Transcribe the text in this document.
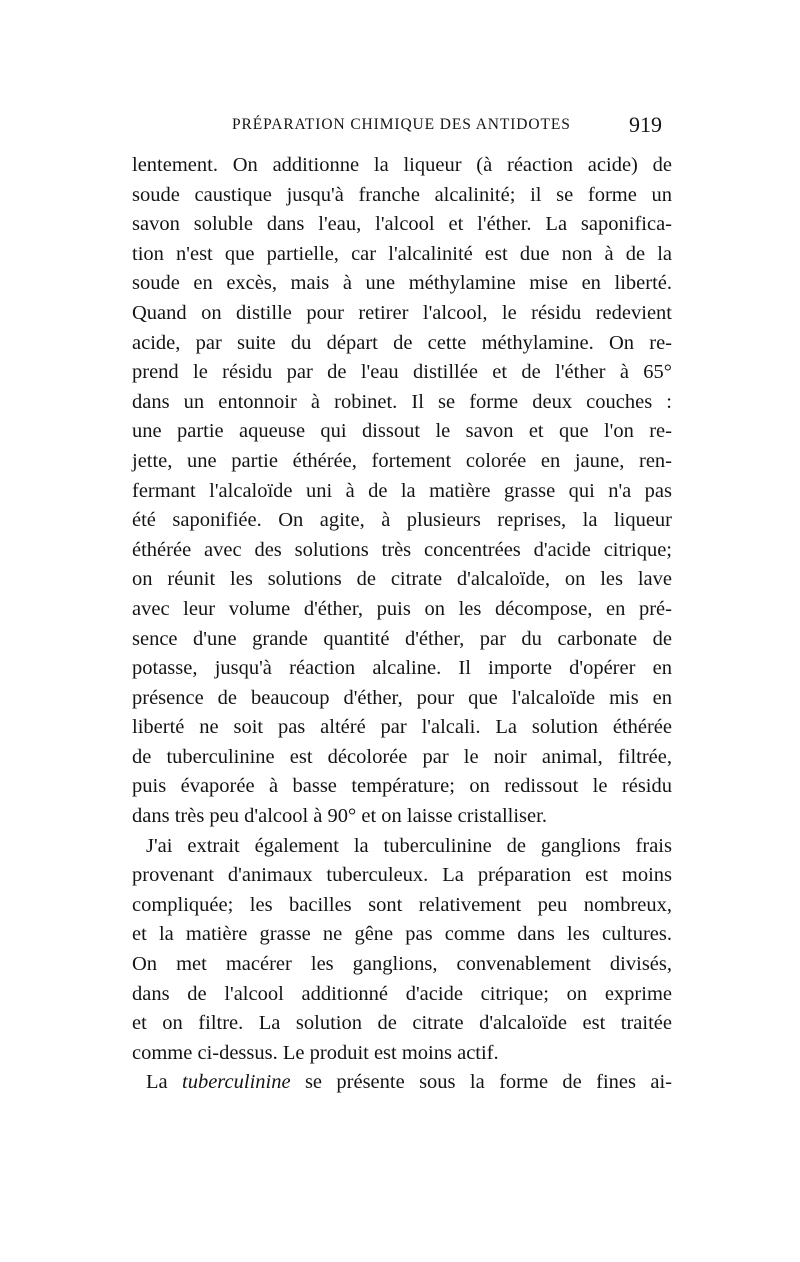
PRÉPARATION CHIMIQUE DES ANTIDOTES	919
lentement. On additionne la liqueur (à réaction acide) de
soude caustique jusqu'à franche alcalinité; il se forme un
savon soluble dans l'eau, l'alcool et l'éther. La saponifica-
tion n'est que partielle, car l'alcalinité est due non à de la
soude en excès, mais à une méthylamine mise en liberté.
Quand on distille pour retirer l'alcool, le résidu redevient
acide, par suite du départ de cette méthylamine. On re-
prend le résidu par de l'eau distillée et de l'éther à 65°
dans un entonnoir à robinet. Il se forme deux couches :
une partie aqueuse qui dissout le savon et que l'on re-
jette, une partie éthérée, fortement colorée en jaune, ren-
fermant l'alcaloïde uni à de la matière grasse qui n'a pas
été saponifiée. On agite, à plusieurs reprises, la liqueur
éthérée avec des solutions très concentrées d'acide citrique;
on réunit les solutions de citrate d'alcaloïde, on les lave
avec leur volume d'éther, puis on les décompose, en pré-
sence d'une grande quantité d'éther, par du carbonate de
potasse, jusqu'à réaction alcaline. Il importe d'opérer en
présence de beaucoup d'éther, pour que l'alcaloïde mis en
liberté ne soit pas altéré par l'alcali. La solution éthérée
de tuberculinine est décolorée par le noir animal, filtrée,
puis évaporée à basse température; on redissout le résidu
dans très peu d'alcool à 90° et on laisse cristalliser.
J'ai extrait également la tuberculinine de ganglions frais
provenant d'animaux tuberculeux. La préparation est moins
compliquée; les bacilles sont relativement peu nombreux,
et la matière grasse ne gêne pas comme dans les cultures.
On met macérer les ganglions, convenablement divisés,
dans de l'alcool additionné d'acide citrique; on exprime
et on filtre. La solution de citrate d'alcaloïde est traitée
comme ci-dessus. Le produit est moins actif.
La tuberculinine se présente sous la forme de fines ai-
